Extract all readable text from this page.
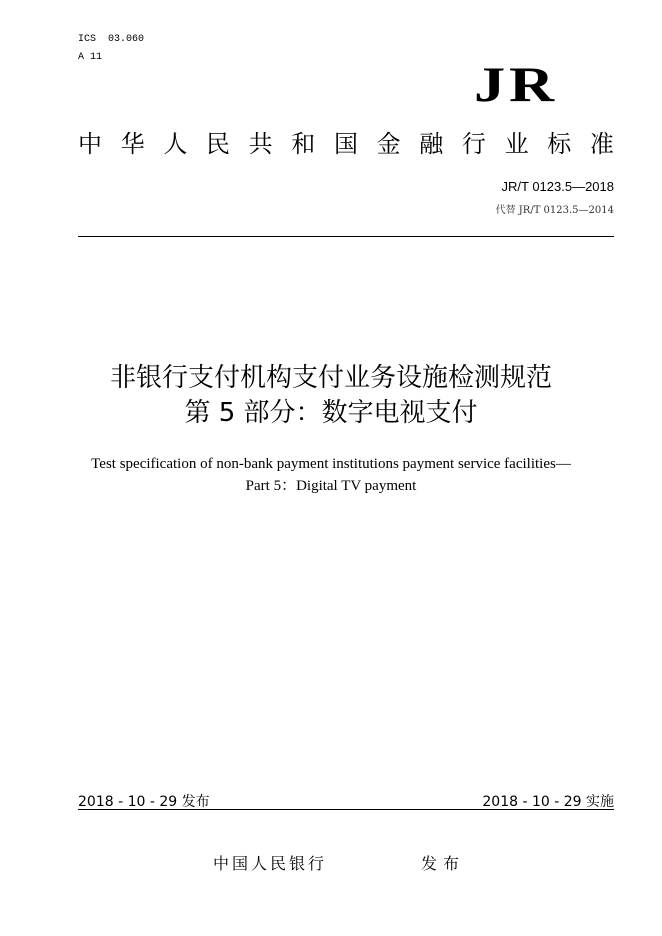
ICS  03.060
A 11	JR
中 华 人 民 共 和 国 金 融 行 业 标 准
JR/T 0123.5—2018
代替 JR/T 0123.5—2014
非银行支付机构支付业务设施检测规范
第 5 部分：数字电视支付
Test specification of non-bank payment institutions payment service facilities—
Part 5：Digital TV payment
2018 - 10 - 29 发布	2018 - 10 - 29 实施
中国人民银行	发布
